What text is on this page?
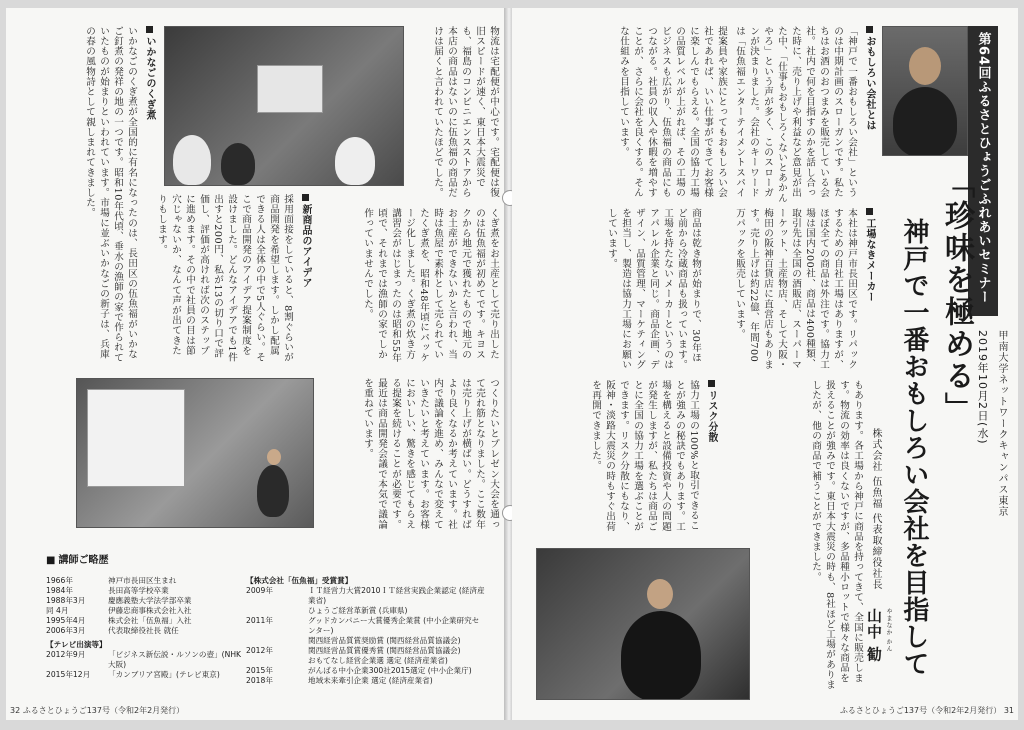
いかなごのくぎ煮
いかなごのくぎ煮が全国的に有名になったのは、長田区の伍魚福がいかなご釘煮の発祥の地の一つです。昭和10年代頃、垂水の漁師の家で作られていたものが始まりといわれています。市場に並ぶいかなごの新子は、兵庫の春の風物詩として親しまれてきました。	物流は宅配便が中心です。宅配便は復旧スピードが速く、東日本大震災でも、福島のコンビニエンスストアから本店の商品はないのに伍魚福の商品だけは届くと言われていたほどでした。
新商品のアイデア
採用面接をしていると、8割ぐらいが商品開発を希望します。しかし配属できる人は全体の中で5人ぐらい。そこで商品開発のアイデア提案制度を設けました。どんなアイデアでも1件出すと200円、私が13の切り口で評価し、評価が高ければ次のステップに進めます。その中で社員の目は節穴じゃないか、なんて声が出てきたりもします。	くぎ煮をお土産として売り出したのは伍魚福が初めてです。キヨスクから地元で獲れたもので地元のお土産ができないかと言われ、当時は魚屋で素朴として売られていたくぎ煮を、昭和48年頃にパッケージ化しました。くぎ煮の炊き方講習会がはじまったのは昭和55年頃で、それまでは漁師の家でしか作っていませんでした。
つくりたいとプレゼン大会を通って売れ筋となりました。ここ数年は売り上げが横ばい。どうすればより良くなるか考えています。社内で議論を進め、みんなで変えていきたいと考えています。お客様においしい、驚きを感じてもらえる提案を続けることが必要です。最近は商品開発会議で本気で議論を重ねています。
■ 講師ご略歴
1966年	神戸市長田区生まれ
1984年	長田高等学校卒業
1988年3月	慶應義塾大学法学部卒業
同 4月	伊藤忠商事株式会社入社
1995年4月	株式会社「伍魚福」入社
2006年3月	代表取締役社長 就任
【テレビ出演等】
2012年9月	「ビジネス新伝説・ルソンの壺」(NHK大阪)
2015年12月	「カンブリア宮殿」(テレビ東京)
【株式会社「伍魚福」受賞賞】
2009年	ＩＴ経営力大賞2010ＩＴ経営実践企業認定 (経済産業省)
ひょうご経営革新賞 (兵庫県)
2011年	グッドカンパニー大賞優秀企業賞 (中小企業研究センター)
関西経営品質賞奨励賞 (関西経営品質協議会)
2012年	関西経営品質賞優秀賞 (関西経営品質協議会)
おもてなし経営企業選 選定 (経済産業省)
2015年	がんばる中小企業300社2015選定 (中小企業庁)
2018年	地域未来牽引企業 選定 (経済産業省)
32 ふるさとひょうご137号（令和2年2月発行）
第64回ふるさとひょうごふれあいセミナー
「珍味を極める」
神戸で一番おもしろい会社を目指して	2019年10月2日(水) 甲南大学ネットワークキャンパス東京
株式会社 伍魚福 代表取締役社長
山中 勧 やまなか かん
おもしろい会社とは
「神戸で一番おもしろい会社」というのは中期計画のスローガンです。私たちはお酒のおつまみを販売している会社。社内で何を目指すのかを話し合った時に、売り上げや利益など意見が出た中、「仕事もおもしろくないとあかんやろ」という声が多く、このスローガンが決まりました。会社のキーワードは「伍魚福エンターテイメントスパイ
提案員や家族にとってもおもしろい会社であれば、いい仕事ができてお客様に楽しんでもらえる。全国の協力工場の品質レベルが上がれば、その工場のビジネスも広がり、伍魚福の商品にもつながる。社員の収入や休暇を増やすことが、さらに会社を良くする。そんな仕組みを目指しています。
工場なきメーカー
本社は神戸市長田区です。リパックするための自社工場はありますが、ほぼ全ての商品は外注です。協力工場は国内200社、商品は400種類、取引先は全国の酒販店、スーパーマーケット、土産物店、そして大阪・梅田の阪神百貨店に直営店もあります。売り上げは約22億、年間700万パックを販売しています。
商品は乾き物が始まりで、30年ほど前から冷蔵商品も扱っています。工場を持たないメーカーというのはアパレル企業と同じ。商品企画、デザイン、品質管理、マーケティングを担当し、製造は協力工場にお願いしています。
リスク分散
協力工場の100%と取引できることが強みの秘訣でもあります。工場を構えると設備投資や人の問題が発生しますが、私たちは商品ごとに全国の協力工場を選ぶことができます。リスク分散にもなり、阪神・淡路大震災の時もすぐ出荷を再開できました。	もあります。各工場から神戸に商品を持ってきて、全国に販売します。物流の効率は良くないですが、多品種小ロットで様々な商品を扱えることが強みです。東日本大震災の時も、8社ほど工場がありましたが、他の商品で補うことができました。
ふるさとひょうご137号（令和2年2月発行） 31
